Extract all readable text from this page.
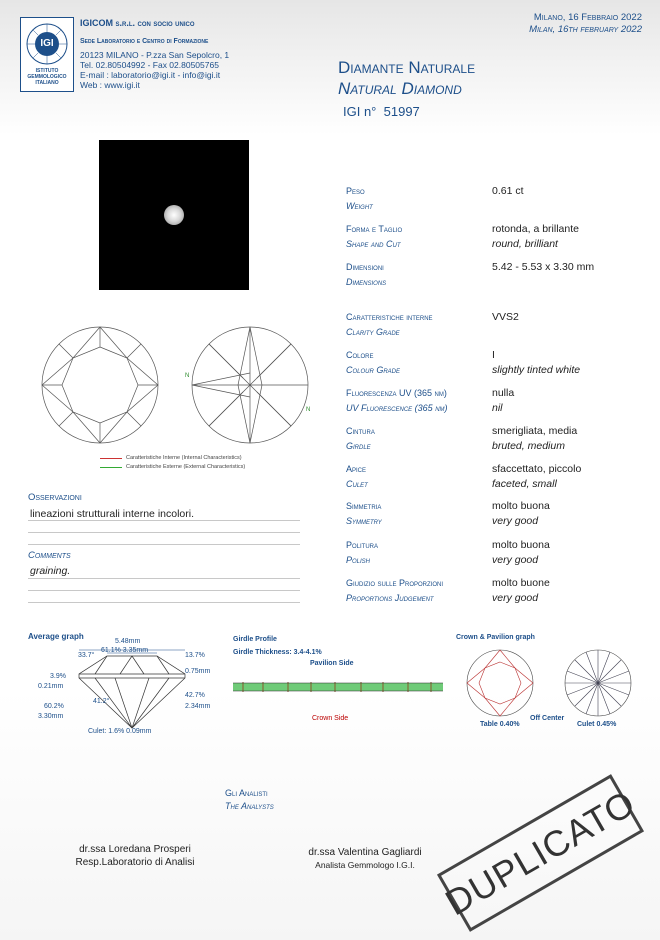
IGI
ISTITUTO
GEMMOLOGICO
ITALIANO
IGICOM s.r.l. con socio unico
Sede Laboratorio e Centro di Formazione
20123 MILANO - P.zza San Sepolcro, 1
Tel. 02.80504992 - Fax 02.80505765
E-mail : laboratorio@igi.it - info@igi.it
Web : www.igi.it
Milano, 16 Febbraio 2022
Milan, 16th february 2022
Diamante Naturale
Natural Diamond
IGI n° 51997
N
N
Caratteristiche Interne (Internal Characteristics)
Caratteristiche Esterne (External Characteristics)
Peso
Weight
0.61 ct
Forma e Taglio
Shape and Cut
rotonda, a brillante
round, brilliant
Dimensioni
Dimensions
5.42 - 5.53 x 3.30 mm
Caratteristiche interne
Clarity Grade
VVS2
Colore
Colour Grade
I
slightly tinted white
Fluorescenza UV (365 nm)
UV Fluorescence (365 nm)
nulla
nil
Cintura
Girdle
smerigliata, media
bruted, medium
Apice
Culet
sfaccettato, piccolo
faceted, small
Simmetria
Symmetry
molto buona
very good
Politura
Polish
molto buona
very good
Giudizio sulle Proporzioni
Proportions Judgement
molto buone
very good
Osservazioni
lineazioni strutturali interne incolori.
Comments
graining.
Average graph
5.48mm
61.1% 3.35mm
33.7°	13.7%
0.75mm
3.9%
0.21mm
60.2%
3.30mm
41.2°
42.7%
2.34mm
Culet: 1.6% 0.09mm
Girdle Profile
Girdle Thickness: 3.4-4.1%
Pavilion Side
Crown Side
Crown & Pavilion graph
Table 0.40%
Off Center
Culet 0.45%
Gli Analisti
The Analysts
dr.ssa Loredana Prosperi
Resp.Laboratorio di Analisi
dr.ssa Valentina Gagliardi
Analista Gemmologo I.G.I. DUPLICATO
